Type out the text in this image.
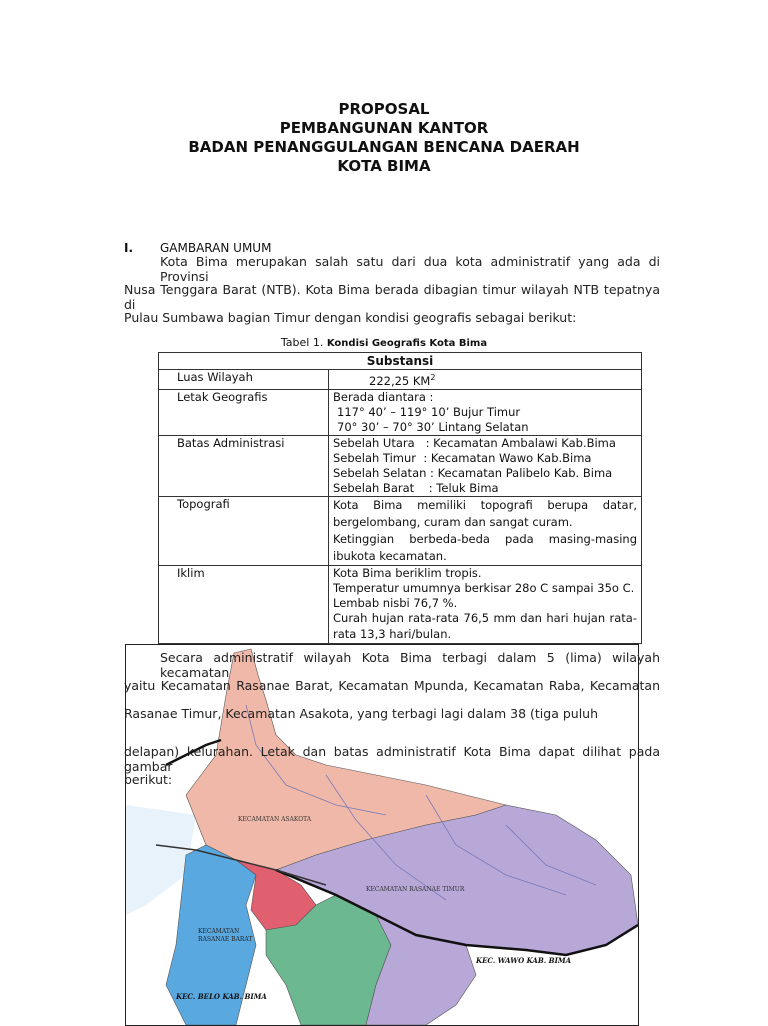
PROPOSAL
PEMBANGUNAN KANTOR
BADAN PENANGGULANGAN BENCANA DAERAH
KOTA BIMA
I. GAMBARAN UMUM
Kota Bima merupakan salah satu dari dua kota administratif yang ada di Provinsi
Nusa Tenggara Barat (NTB). Kota Bima berada dibagian timur wilayah NTB tepatnya di
Pulau Sumbawa bagian Timur dengan kondisi geografis sebagai berikut:
Tabel 1. Kondisi Geografis Kota Bima
Substansi	
Luas Wilayah	222,25 $KM^2$
Letak Geografis	Berada diantara :
117° 40’ – 119° 10’ Bujur Timur
70° 30’ – 70° 30’ Lintang Selatan

Batas Administrasi	Sebelah Utara   : Kecamatan Ambalawi Kab.Bima
Sebelah Timur  : Kecamatan Wawo Kab.Bima
Sebelah Selatan : Kecamatan Palibelo Kab. Bima
Sebelah Barat    : Teluk Bima

Topografi	Kota Bima memiliki topografi berupa datar,
bergelombang, curam dan sangat curam.
Ketinggian berbeda-beda pada masing-masing
ibukota kecamatan.

Iklim	Kota Bima beriklim tropis.
Temperatur umumnya berkisar 28o C sampai 35o C.
Lembab nisbi 76,7 %.
Curah hujan rata-rata 76,5 mm dan hari hujan rata-
rata 13,3 hari/bulan.
KECAMATAN ASAKOTA
KECAMATAN RASANAE TIMUR
KECAMATAN
RASANAE BARAT
KEC. WAWO KAB. BIMA
KEC. BELO KAB. BIMA
Secara administratif wilayah Kota Bima terbagi dalam 5 (lima) wilayah kecamatan
yaitu Kecamatan Rasanae Barat, Kecamatan Mpunda, Kecamatan Raba, Kecamatan
Rasanae Timur, Kecamatan Asakota, yang terbagi lagi dalam 38 (tiga puluh
delapan) kelurahan. Letak dan batas administratif Kota Bima dapat dilihat pada gambar
berikut:
